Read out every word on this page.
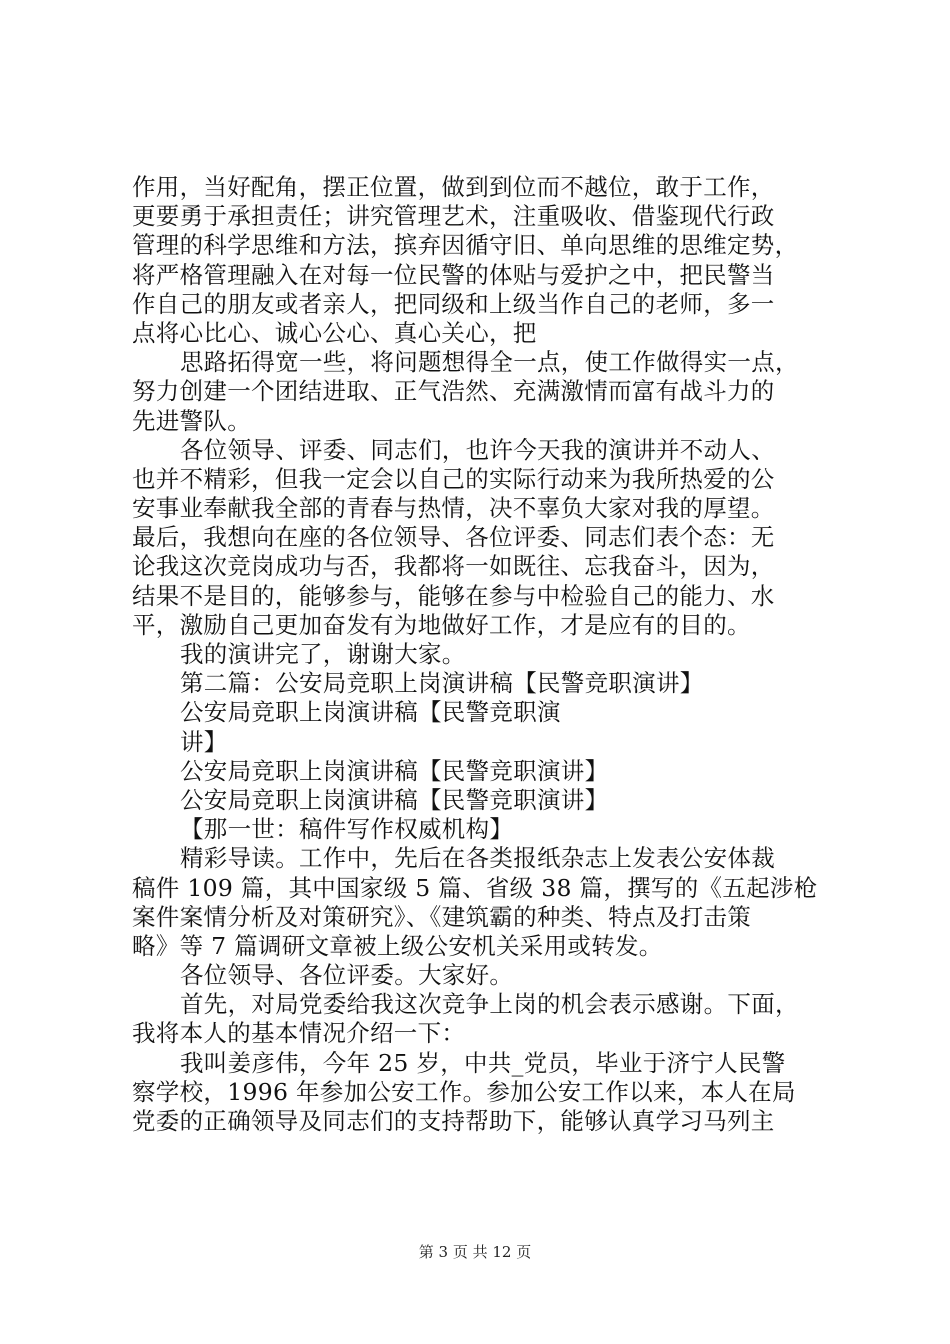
作用，当好配角，摆正位置，做到到位而不越位，敢于工作，
更要勇于承担责任；讲究管理艺术，注重吸收、借鉴现代行政
管理的科学思维和方法，摈弃因循守旧、单向思维的思维定势，
将严格管理融入在对每一位民警的体贴与爱护之中，把民警当
作自己的朋友或者亲人，把同级和上级当作自己的老师，多一
点将心比心、诚心公心、真心关心，把
思路拓得宽一些，将问题想得全一点，使工作做得实一点，
努力创建一个团结进取、正气浩然、充满激情而富有战斗力的
先进警队。
各位领导、评委、同志们，也许今天我的演讲并不动人、
也并不精彩，但我一定会以自己的实际行动来为我所热爱的公
安事业奉献我全部的青春与热情，决不辜负大家对我的厚望。
最后，我想向在座的各位领导、各位评委、同志们表个态：无
论我这次竞岗成功与否，我都将一如既往、忘我奋斗，因为，
结果不是目的，能够参与，能够在参与中检验自己的能力、水
平，激励自己更加奋发有为地做好工作，才是应有的目的。
我的演讲完了，谢谢大家。
第二篇：公安局竞职上岗演讲稿【民警竞职演讲】
公安局竞职上岗演讲稿【民警竞职演
讲】
公安局竞职上岗演讲稿【民警竞职演讲】
公安局竞职上岗演讲稿【民警竞职演讲】
【那一世：稿件写作权威机构】
精彩导读。工作中，先后在各类报纸杂志上发表公安体裁
稿件 109 篇，其中国家级 5 篇、省级 38 篇，撰写的《五起涉枪
案件案情分析及对策研究》、《建筑霸的种类、特点及打击策
略》等 7 篇调研文章被上级公安机关采用或转发。
各位领导、各位评委。大家好。
首先，对局党委给我这次竞争上岗的机会表示感谢。下面，
我将本人的基本情况介绍一下：
我叫姜彦伟，今年 25 岁，中共_党员，毕业于济宁人民警
察学校，1996 年参加公安工作。参加公安工作以来，本人在局
党委的正确领导及同志们的支持帮助下，能够认真学习马列主
第 3 页 共 12 页
